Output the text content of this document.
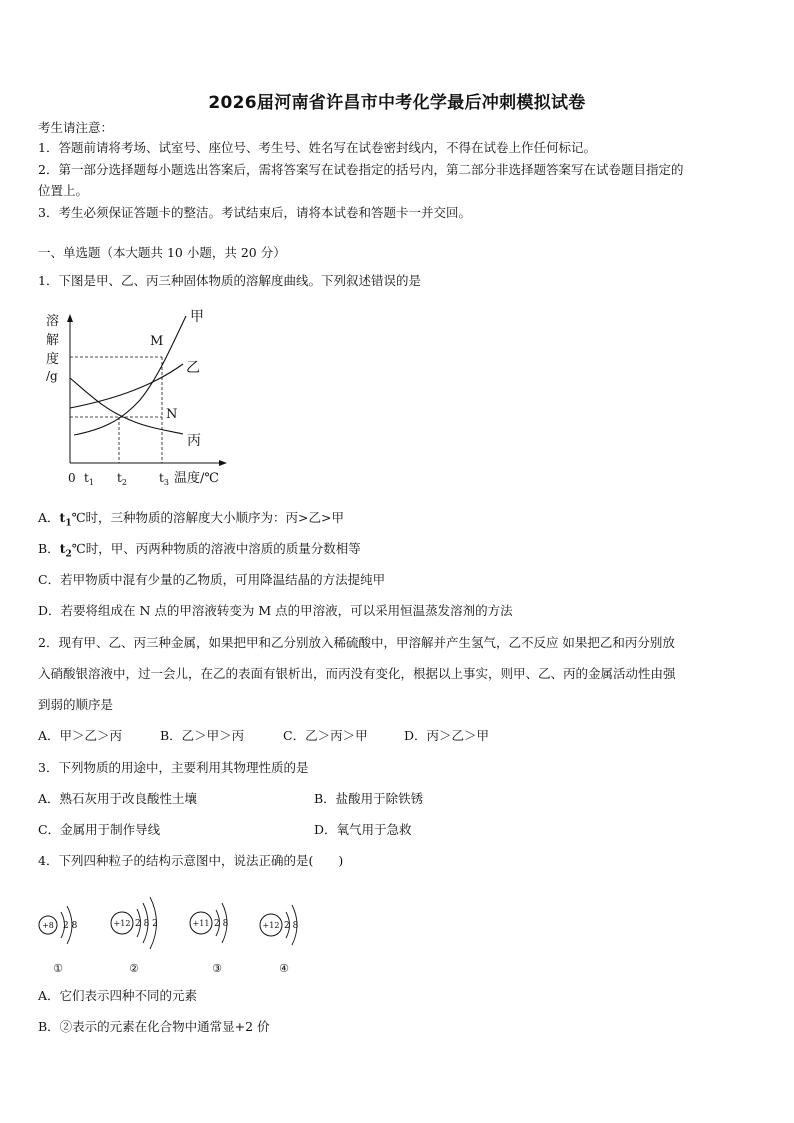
2026届河南省许昌市中考化学最后冲刺模拟试卷
考生请注意：
1．答题前请将考场、试室号、座位号、考生号、姓名写在试卷密封线内，不得在试卷上作任何标记。
2．第一部分选择题每小题选出答案后，需将答案写在试卷指定的括号内，第二部分非选择题答案写在试卷题目指定的
位置上。
3．考生必须保证答题卡的整洁。考试结束后，请将本试卷和答题卡一并交回。
一、单选题（本大题共 10 小题，共 20 分）
1．下图是甲、乙、丙三种固体物质的溶解度曲线。下列叙述错误的是
溶
解
度
/g
甲
乙
丙
M
N
0 $t_1$ $t_2$	$t_3$ 温度/℃
A．$t_1℃$时，三种物质的溶解度大小顺序为：丙>乙>甲
B．$t_2℃$时，甲、丙两种物质的溶液中溶质的质量分数相等
C．若甲物质中混有少量的乙物质，可用降温结晶的方法提纯甲
D．若要将组成在 N 点的甲溶液转变为 M 点的甲溶液，可以采用恒温蒸发溶剂的方法
2．现有甲、乙、丙三种金属，如果把甲和乙分别放入稀硫酸中，甲溶解并产生氢气，乙不反应 如果把乙和丙分别放
入硝酸银溶液中，过一会儿，在乙的表面有银析出，而丙没有变化，根据以上事实，则甲、乙、丙的金属活动性由强
到弱的顺序是
A．甲＞乙＞丙	B．乙＞甲＞丙	C．乙＞丙＞甲	D．丙＞乙＞甲
3．下列物质的用途中，主要利用其物理性质的是
A．熟石灰用于改良酸性土壤	B．盐酸用于除铁锈
C．金属用于制作导线	D．氧气用于急救
4．下列四种粒子的结构示意图中，说法正确的是(　　)
+8 2 8
①
+12 2 8 2
②
+11 2 8
③
+12 2 8
④
A．它们表示四种不同的元素
B．②表示的元素在化合物中通常显+2 价
